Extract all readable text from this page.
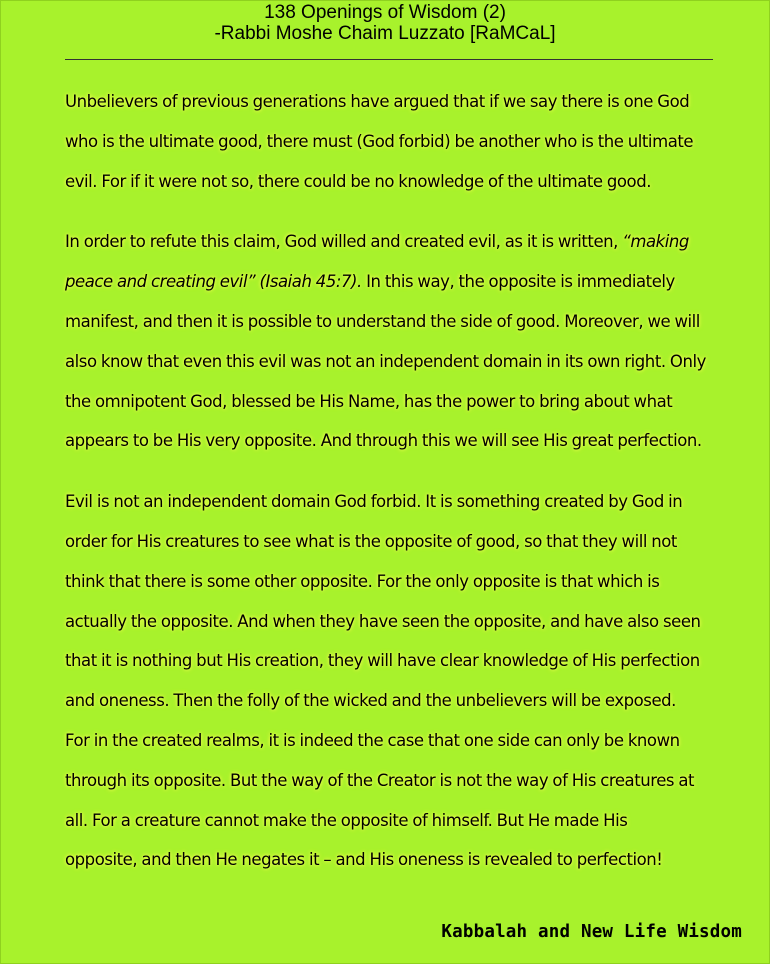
138 Openings of Wisdom (2)
-Rabbi Moshe Chaim Luzzato [RaMCaL]
Unbelievers of previous generations have argued that if we say there is one God
who is the ultimate good, there must (God forbid) be another who is the ultimate
evil. For if it were not so, there could be no knowledge of the ultimate good.
In order to refute this claim, God willed and created evil, as it is written, “making
peace and creating evil” (Isaiah 45:7). In this way, the opposite is immediately
manifest, and then it is possible to understand the side of good. Moreover, we will
also know that even this evil was not an independent domain in its own right. Only
the omnipotent God, blessed be His Name, has the power to bring about what
appears to be His very opposite. And through this we will see His great perfection.
Evil is not an independent domain God forbid. It is something created by God in
order for His creatures to see what is the opposite of good, so that they will not
think that there is some other opposite. For the only opposite is that which is
actually the opposite. And when they have seen the opposite, and have also seen
that it is nothing but His creation, they will have clear knowledge of His perfection
and oneness. Then the folly of the wicked and the unbelievers will be exposed.
For in the created realms, it is indeed the case that one side can only be known
through its opposite. But the way of the Creator is not the way of His creatures at
all. For a creature cannot make the opposite of himself. But He made His
opposite, and then He negates it – and His oneness is revealed to perfection!
Kabbalah and New Life Wisdom
